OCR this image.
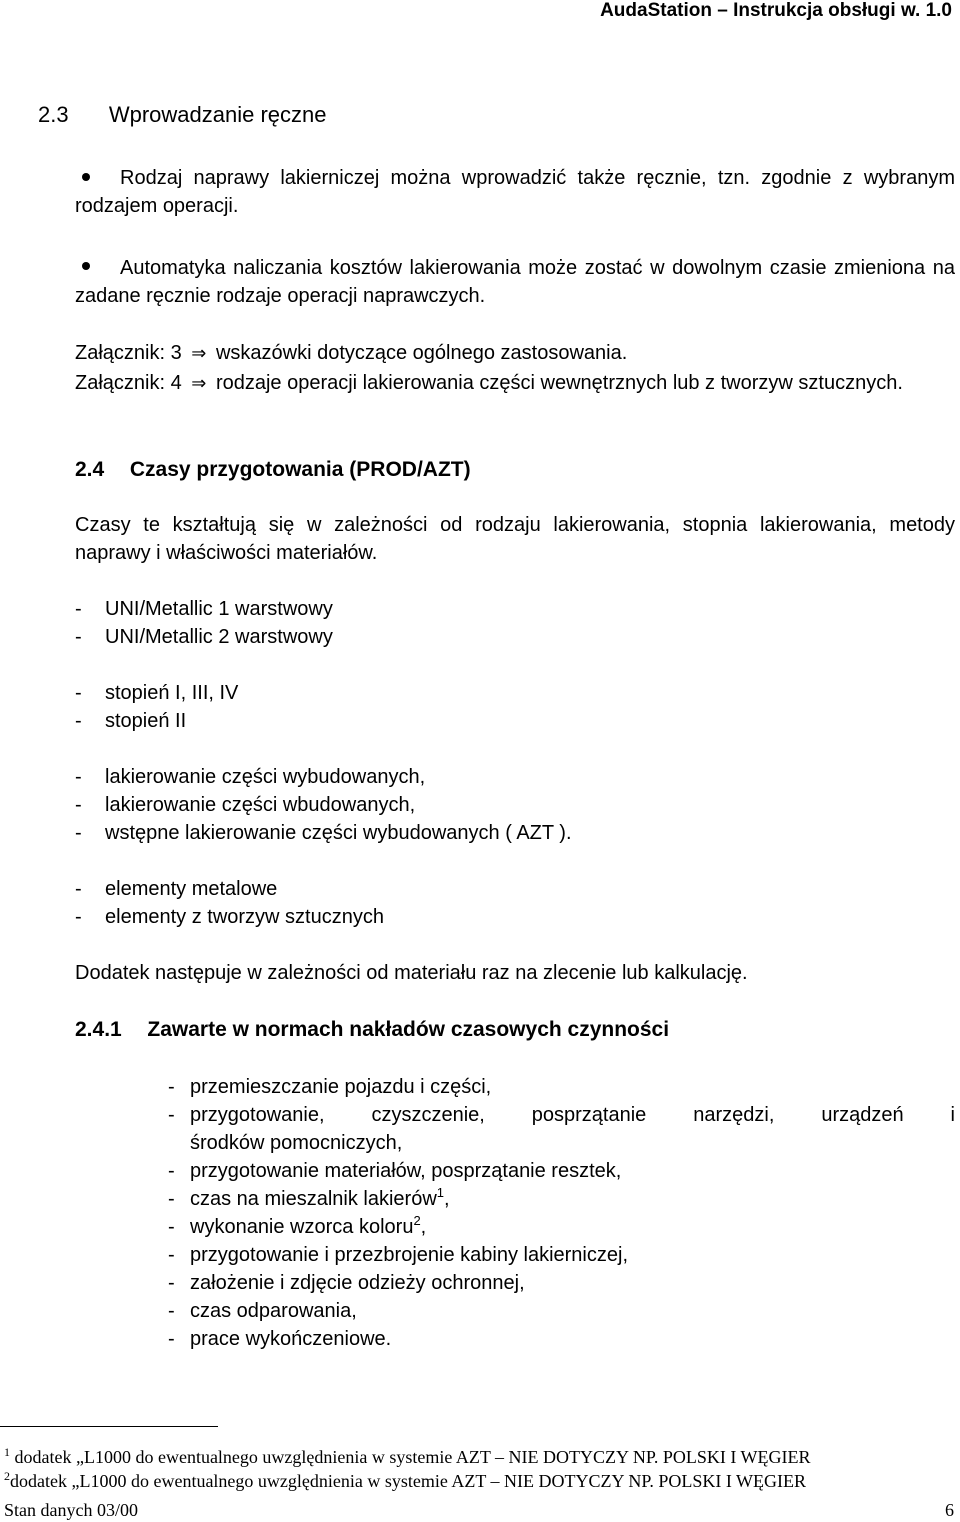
AudaStation – Instrukcja obsługi w. 1.0
2.3 Wprowadzanie ręczne
Rodzaj naprawy lakierniczej można wprowadzić także ręcznie, tzn. zgodnie z wybranym rodzajem operacji.
Automatyka naliczania kosztów lakierowania może zostać w dowolnym czasie zmieniona na zadane ręcznie rodzaje operacji naprawczych.
Załącznik: 3 ⇒ wskazówki dotyczące ogólnego zastosowania.
Załącznik: 4 ⇒ rodzaje operacji lakierowania części wewnętrznych lub z tworzyw sztucznych.
2.4 Czasy przygotowania (PROD/AZT)
Czasy te kształtują się w zależności od rodzaju lakierowania, stopnia lakierowania, metody naprawy i właściwości materiałów.
- UNI/Metallic 1 warstwowy
- UNI/Metallic 2 warstwowy
- stopień I, III, IV
- stopień II
- lakierowanie części wybudowanych,
- lakierowanie części wbudowanych,
- wstępne lakierowanie części wybudowanych ( AZT ).
- elementy metalowe
- elementy z tworzyw sztucznych
Dodatek następuje w zależności od materiału raz na zlecenie lub kalkulację.
2.4.1 Zawarte w normach nakładów czasowych czynności
- przemieszczanie pojazdu i części,
- przygotowanie, czyszczenie, posprzątanie narzędzi, urządzeń i
środków pomocniczych,
- przygotowanie materiałów, posprzątanie resztek,
- czas na mieszalnik lakierów$^1$,
- wykonanie wzorca koloru$^2$,
- przygotowanie i przezbrojenie kabiny lakierniczej,
- założenie i zdjęcie odzieży ochronnej,
- czas odparowania,
- prace wykończeniowe.
$^1$ dodatek „L1000 do ewentualnego uwzględnienia w systemie AZT – NIE DOTYCZY NP. POLSKI I WĘGIER
$^2$dodatek „L1000 do ewentualnego uwzględnienia w systemie AZT – NIE DOTYCZY NP. POLSKI I WĘGIER
Stan danych 03/00	6
